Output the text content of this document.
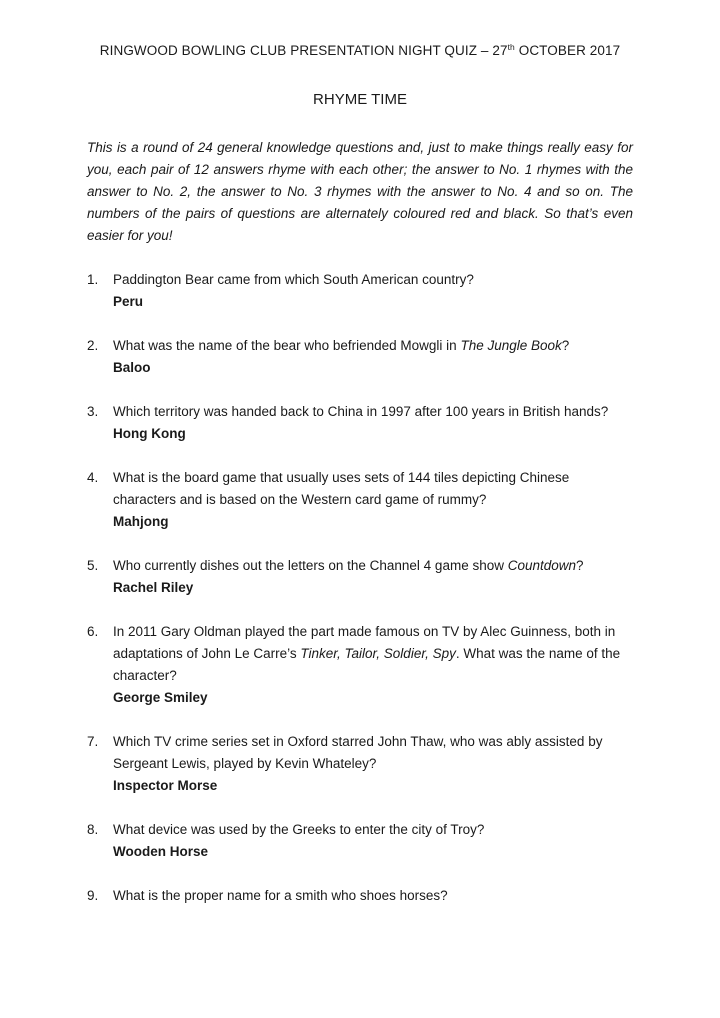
RINGWOOD BOWLING CLUB PRESENTATION NIGHT QUIZ – 27th OCTOBER 2017
RHYME TIME
This is a round of 24 general knowledge questions and, just to make things really easy for you, each pair of 12 answers rhyme with each other; the answer to No. 1 rhymes with the answer to No. 2, the answer to No. 3 rhymes with the answer to No. 4 and so on. The numbers of the pairs of questions are alternately coloured red and black. So that’s even easier for you!
1. Paddington Bear came from which South American country?
Peru
2. What was the name of the bear who befriended Mowgli in The Jungle Book?
Baloo
3. Which territory was handed back to China in 1997 after 100 years in British hands?
Hong Kong
4. What is the board game that usually uses sets of 144 tiles depicting Chinese characters and is based on the Western card game of rummy?
Mahjong
5. Who currently dishes out the letters on the Channel 4 game show Countdown?
Rachel Riley
6. In 2011 Gary Oldman played the part made famous on TV by Alec Guinness, both in adaptations of John Le Carre’s Tinker, Tailor, Soldier, Spy. What was the name of the character?
George Smiley
7. Which TV crime series set in Oxford starred John Thaw, who was ably assisted by Sergeant Lewis, played by Kevin Whateley?
Inspector Morse
8. What device was used by the Greeks to enter the city of Troy?
Wooden Horse
9. What is the proper name for a smith who shoes horses?
